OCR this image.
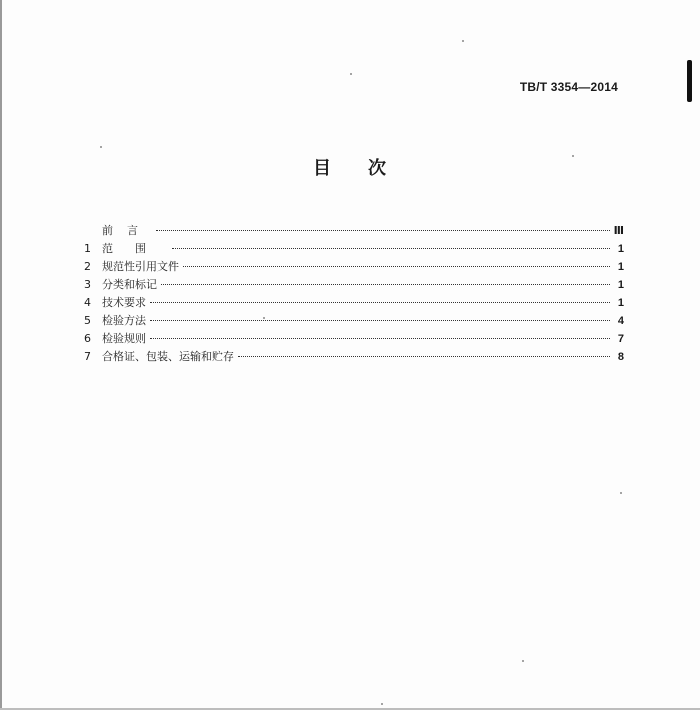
TB/T 3354—2014
目 次
前言	Ⅲ
1	范围	1
2	规范性引用文件	1
3	分类和标记	1
4	技术要求	1
5	检验方法	4
6	检验规则	7
7	合格证、包装、运输和贮存	8
